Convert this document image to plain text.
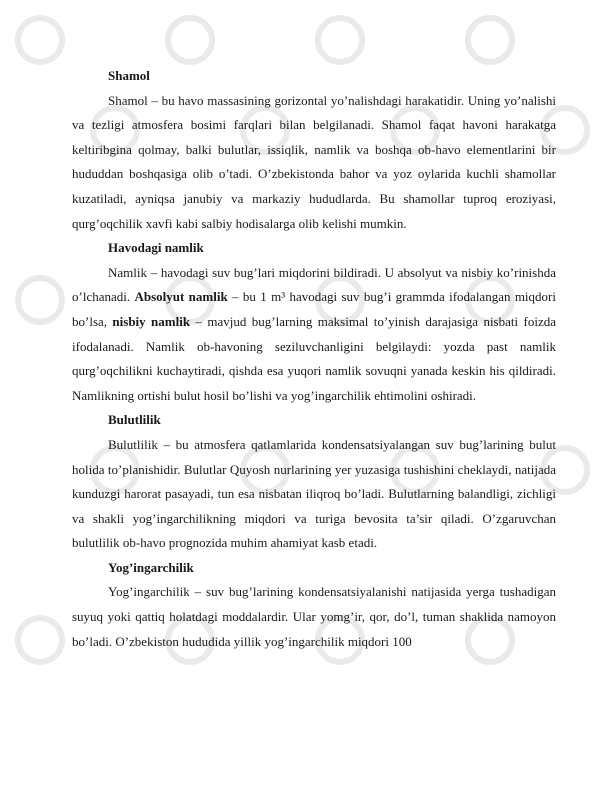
Shamol

Shamol – bu havo massasining gorizontal yo’nalishdagi harakatidir. Uning yo’nalishi va tezligi atmosfera bosimi farqlari bilan belgilanadi. Shamol faqat havoni harakatga keltiribgina qolmay, balki bulutlar, issiqlik, namlik va boshqa ob-havo elementlarini bir hududdan boshqasiga olib o’tadi. O’zbekistonda bahor va yoz oylarida kuchli shamollar kuzatiladi, ayniqsa janubiy va markaziy hududlarda. Bu shamollar tuproq eroziyasi, qurg’oqchilik xavfi kabi salbiy hodisalarga olib kelishi mumkin.

Havodagi namlik

Namlik – havodagi suv bug’lari miqdorini bildiradi. U absolyut va nisbiy ko’rinishda o’lchanadi. Absolyut namlik – bu 1 m³ havodagi suv bug’i grammda ifodalangan miqdori bo’lsa, nisbiy namlik – mavjud bug’larning maksimal to’yinish darajasiga nisbati foizda ifodalanadi. Namlik ob-havoning seziluvchanligini belgilaydi: yozda past namlik qurg’oqchilikni kuchaytiradi, qishda esa yuqori namlik sovuqni yanada keskin his qildiradi. Namlikning ortishi bulut hosil bo’lishi va yog’ingarchilik ehtimolini oshiradi.

Bulutlilik

Bulutlilik – bu atmosfera qatlamlarida kondensatsiyalangan suv bug’larining bulut holida to’planishidir. Bulutlar Quyosh nurlarining yer yuzasiga tushishini cheklaydi, natijada kunduzgi harorat pasayadi, tun esa nisbatan iliqroq bo’ladi. Bulutlarning balandligi, zichligi va shakli yog’ingarchilikning miqdori va turiga bevosita ta’sir qiladi. O’zgaruvchan bulutlilik ob-havo prognozida muhim ahamiyat kasb etadi.

Yog’ingarchilik

Yog’ingarchilik – suv bug’larining kondensatsiyalanishi natijasida yerga tushadigan suyuq yoki qattiq holatdagi moddalardir. Ular yomg’ir, qor, do’l, tuman shaklida namoyon bo’ladi. O’zbekiston hududida yillik yog’ingarchilik miqdori 100
